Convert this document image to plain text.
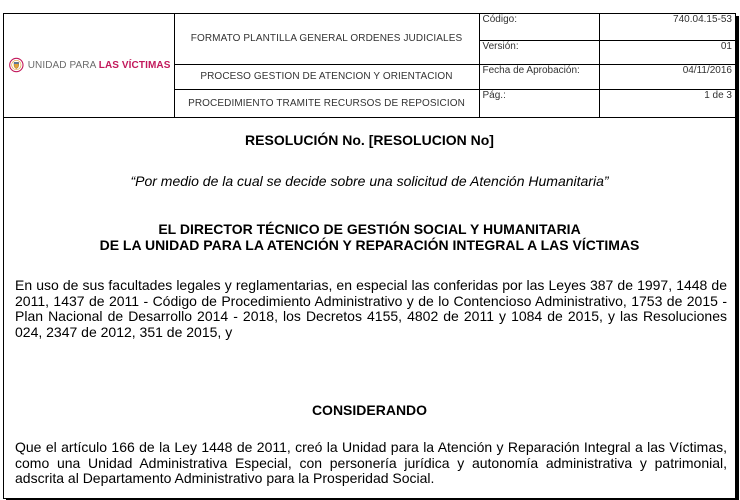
UNIDAD PARA LAS VÍCTIMAS	FORMATO PLANTILLA GENERAL ORDENES JUDICIALES	Código:	740.04.15-53
		Versión:	01
	PROCESO GESTION DE ATENCION Y ORIENTACION	Fecha de Aprobación:	04/11/2016
	PROCEDIMIENTO TRAMITE RECURSOS DE REPOSICION	Pág.:	1 de 3
RESOLUCIÓN No. [RESOLUCION No]
“Por medio de la cual se decide sobre una solicitud de Atención Humanitaria”
EL DIRECTOR TÉCNICO DE GESTIÓN SOCIAL Y HUMANITARIA
DE LA UNIDAD PARA LA ATENCIÓN Y REPARACIÓN INTEGRAL A LAS VÍCTIMAS
En uso de sus facultades legales y reglamentarias, en especial las conferidas por las Leyes 387 de 1997, 1448 de 2011, 1437 de 2011 - Código de Procedimiento Administrativo y de lo Contencioso Administrativo, 1753 de 2015 - Plan Nacional de Desarrollo 2014 - 2018, los Decretos 4155, 4802 de 2011 y 1084 de 2015, y las Resoluciones 024, 2347 de 2012, 351 de 2015, y
CONSIDERANDO
Que el artículo 166 de la Ley 1448 de 2011, creó la Unidad para la Atención y Reparación Integral a las Víctimas, como una Unidad Administrativa Especial, con personería jurídica y autonomía administrativa y patrimonial, adscrita al Departamento Administrativo para la Prosperidad Social.
